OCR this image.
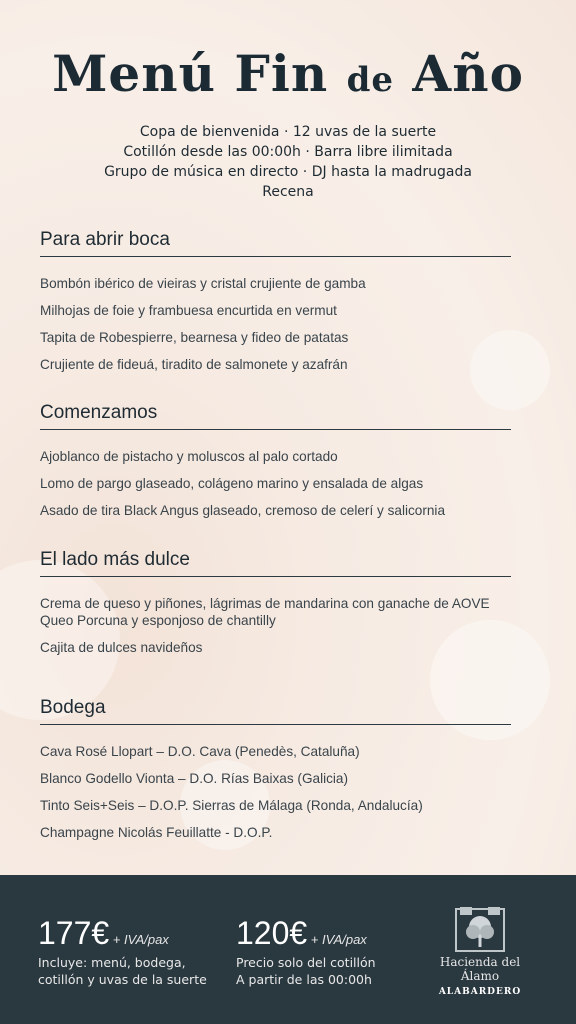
Menú Fin de Año
Copa de bienvenida · 12 uvas de la suerte
Cotillón desde las 00:00h · Barra libre ilimitada
Grupo de música en directo · DJ hasta la madrugada
Recena
Para abrir boca
Bombón ibérico de vieiras y cristal crujiente de gamba
Milhojas de foie y frambuesa encurtida en vermut
Tapita de Robespierre, bearnesa y fideo de patatas
Crujiente de fideuá, tiradito de salmonete y azafrán
Comenzamos
Ajoblanco de pistacho y moluscos al palo cortado
Lomo de pargo glaseado, colágeno marino y ensalada de algas
Asado de tira Black Angus glaseado, cremoso de celerí y salicornia
El lado más dulce
Crema de queso y piñones, lágrimas de mandarina con ganache de AOVE Queo Porcuna y esponjoso de chantilly
Cajita de dulces navideños
Bodega
Cava Rosé Llopart – D.O. Cava (Penedès, Cataluña)
Blanco Godello Vionta – D.O. Rías Baixas (Galicia)
Tinto Seis+Seis – D.O.P. Sierras de Málaga (Ronda, Andalucía)
Champagne Nicolás Feuillatte - D.O.P.
177€ + IVA/pax
Incluye: menú, bodega,
cotillón y uvas de la suerte
120€ + IVA/pax
Precio solo del cotillón
A partir de las 00:00h
Hacienda del Álamo
ALABARDERO
